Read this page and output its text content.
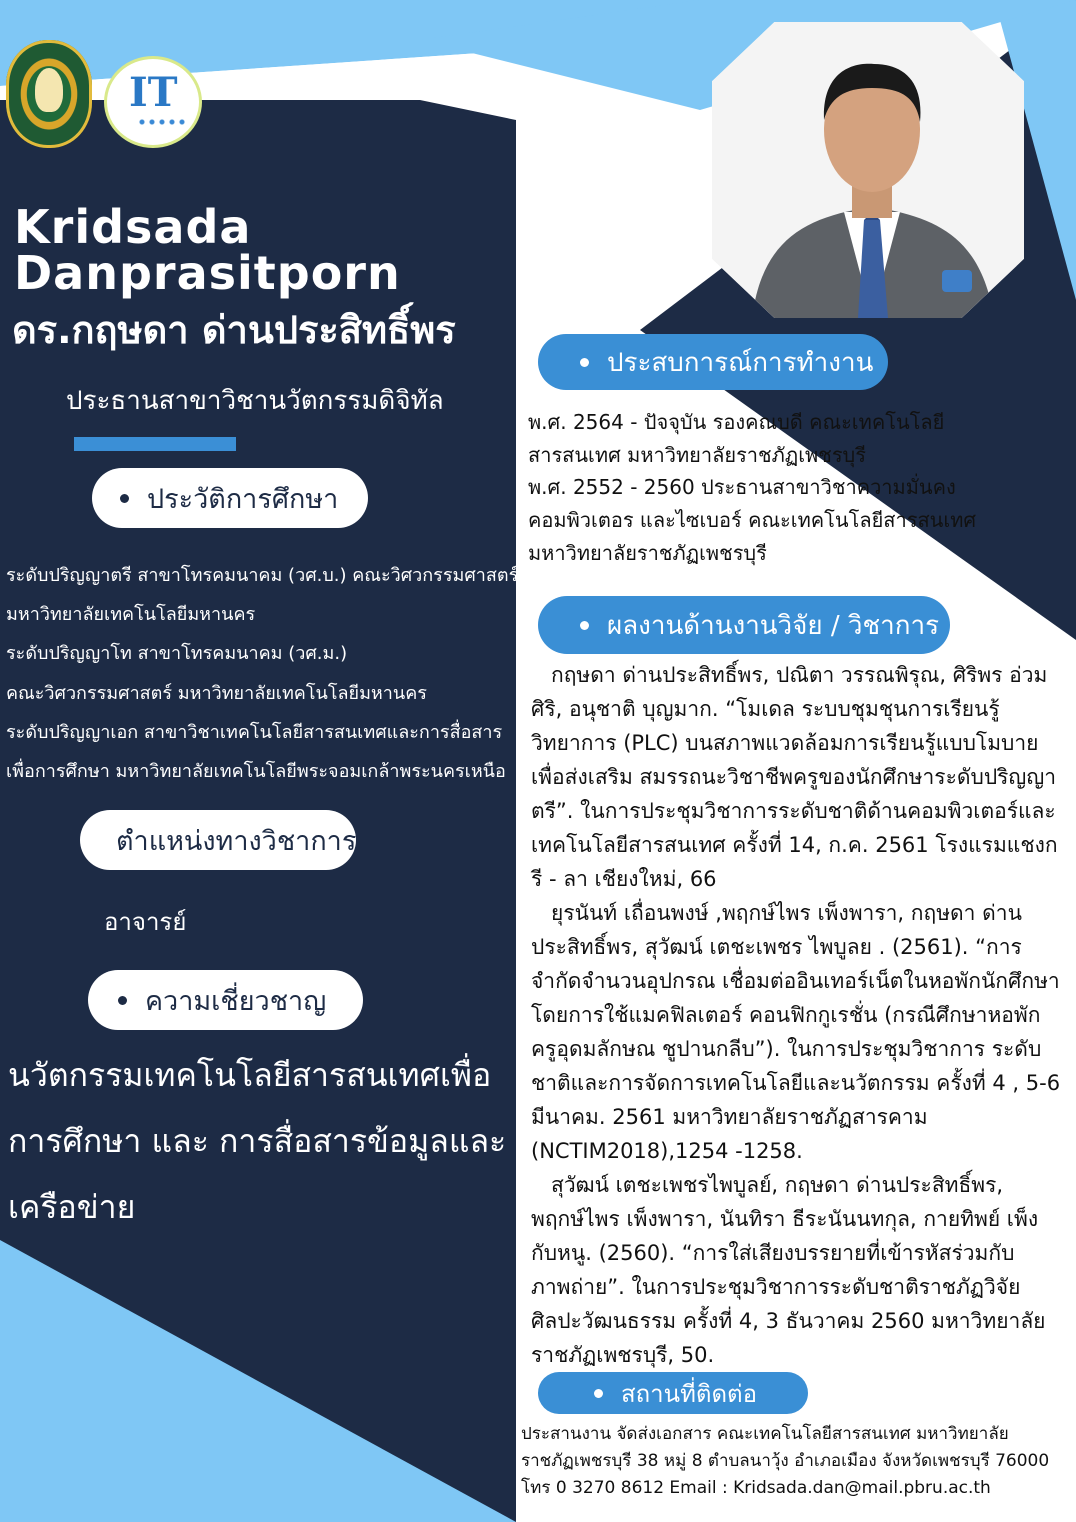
IT
Kridsada
Danprasitporn
ดร.กฤษดา ด่านประสิทธิ์พร
ประธานสาขาวิชานวัตกรรมดิจิทัล
ประวัติการศึกษา
ระดับปริญญาตรี สาขาโทรคมนาคม (วศ.บ.) คณะวิศวกรรมศาสตร์
มหาวิทยาลัยเทคโนโลยีมหานคร
ระดับปริญญาโท สาขาโทรคมนาคม (วศ.ม.)
คณะวิศวกรรมศาสตร์ มหาวิทยาลัยเทคโนโลยีมหานคร
ระดับปริญญาเอก สาขาวิชาเทคโนโลยีสารสนเทศและการสื่อสาร
เพื่อการศึกษา มหาวิทยาลัยเทคโนโลยีพระจอมเกล้าพระนครเหนือ
ตำแหน่งทางวิชาการ
อาจารย์
ความเชี่ยวชาญ
นวัตกรรมเทคโนโลยีสารสนเทศเพื่อการศึกษา และ การสื่อสารข้อมูลและเครือข่าย
ประสบการณ์การทำงาน
พ.ศ. 2564 - ปัจจุบัน รองคณบดี คณะเทคโนโลยี
สารสนเทศ มหาวิทยาลัยราชภัฏเพชรบุรี
พ.ศ. 2552 - 2560 ประธานสาขาวิชาความมั่นคง
คอมพิวเตอร และไซเบอร์ คณะเทคโนโลยีสารสนเทศ
มหาวิทยาลัยราชภัฏเพชรบุรี
ผลงานด้านงานวิจัย / วิชาการ

กฤษดา ด่านประสิทธิ์พร, ปณิตา วรรณพิรุณ, ศิริพร อ่วมศิริ, อนุชาติ บุญมาก. “โมเดล ระบบชุมชุนการเรียนรู้วิทยาการ (PLC) บนสภาพแวดล้อมการเรียนรู้แบบโมบาย เพื่อส่งเสริม สมรรถนะวิชาชีพครูของนักศึกษาระดับปริญญาตรี”. ในการประชุมวิชาการระดับชาติด้านคอมพิวเตอร์และเทคโนโลยีสารสนเทศ ครั้งที่ 14, ก.ค. 2561 โรงแรมแชงกรี - ลา เชียงใหม่, 66

ยุรนันท์ เถื่อนพงษ์ ,พฤกษ์ไพร เพ็งพารา, กฤษดา ด่านประสิทธิ์พร, สุวัฒน์ เตชะเพชร ไพบูลย . (2561). “การจำกัดจำนวนอุปกรณ เชื่อมต่ออินเทอร์เน็ตในหอพักนักศึกษาโดยการใช้แมคฟิลเตอร์ คอนฟิกกูเรชั่น (กรณีศึกษาหอพักครูอุดมลักษณ ชูปานกลีบ”). ในการประชุมวิชาการ ระดับชาติและการจัดการเทคโนโลยีและนวัตกรรม ครั้งที่ 4 , 5-6 มีนาคม. 2561 มหาวิทยาลัยราชภัฏสารคาม (NCTIM2018),1254 -1258.

สุวัฒน์ เตชะเพชรไพบูลย์, กฤษดา ด่านประสิทธิ์พร, พฤกษ์ไพร เพ็งพารา, นันทิรา ธีระนันนทกุล, กายทิพย์ เพ็งกับหนู. (2560). “การใส่เสียงบรรยายที่เข้ารหัสร่วมกับภาพถ่าย”. ในการประชุมวิชาการระดับชาติราชภัฏวิจัยศิลปะวัฒนธรรม ครั้งที่ 4, 3 ธันวาคม 2560 มหาวิทยาลัยราชภัฏเพชรบุรี, 50.

สถานที่ติดต่อ
ประสานงาน จัดส่งเอกสาร คณะเทคโนโลยีสารสนเทศ มหาวิทยาลัย
ราชภัฏเพชรบุรี 38 หมู่ 8 ตำบลนาวุ้ง อำเภอเมือง จังหวัดเพชรบุรี 76000
โทร 0 3270 8612 Email : Kridsada.dan@mail.pbru.ac.th
